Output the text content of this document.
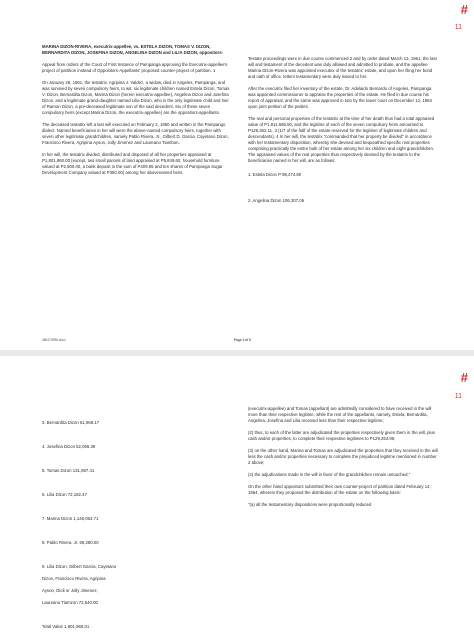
#
11

MARINA DIZON-RIVERA, executrix-appellee, vs. ESTELA DIZON, TOMAS V. DIZON, BERNARDITA DIZON, JOSEFINA DIZON, ANGELINA DIZON and LILIA DIZON, oppositors-

Appeal from orders of the Court of First Instance of Pampanga approving the Executrix-appellee's project of partition instead of Oppositors-Appellants' proposed counter-project of partition. 1

On January 28, 1961, the testatrix, Agripina J. Valdez, a widow, died in Angeles, Pampanga, and was survived by seven compulsory heirs, to wit, six legitimate children named Estela Dizon, Tomas V. Dizon, Bernardita Dizon, Marina Dizon (herein executrix-appellee), Angelina Dizon and Josefina Dizon, and a legitimate grand-daughter named Lilia Dizon, who is the only legitimate child and heir of Ramon Dizon, a pre-deceased legitimate son of the said decedent. Six of these seven compulsory heirs (except Marina Dizon, the executrix-appellee) are the oppositors-appellants.

The deceased testatrix left a last will executed on February 2, 1960 and written in the Pampango dialect. Named beneficiaries in her will were the above-named compulsory heirs, together with seven other legitimate grandchildren, namely Pablo Rivera, Jr., Gilbert D. Garcia, Cayetano Dizon, Francisco Rivera, Agripina Ayson, Jolly Jimenez and Laureano Tiambon.

In her will, the testatrix divided, distributed and disposed of all her properties appraised at P1,801,960.00 (except, two small parcels of land appraised at P5,849.60, household furniture valued at P2,500.00, a bank deposit in the sum of P409.95 and ten shares of Pampanga Sugar Development Company valued at P350.00) among her abovenamed heirs.

Testate proceedings were in due course commenced 2 and by order dated March 13, 1961, the last will and testament of the decedent was duly allowed and admitted to probate, and the appellee Marina Dizon-Rivera was appointed executrix of the testatrix' estate, and upon her filing her bond and oath of office, letters testamentary were duly issued to her.

After the executrix filed her inventory of the estate, Dr. Adelaido Bernardo of Angeles, Pampanga was appointed commissioner to appraise the properties of the estate. He filed in due course his report of appraisal, and the same was approved in toto by the lower court on December 12, 1963 upon joint petition of the parties.

The real and personal properties of the testatrix at the time of her death thus had a total appraised value of P1,811,695.60, and the legitime of each of the seven compulsory heirs amounted to P129,362.11. 3 (1/7 of the half of the estate reserved for the legitime of legitimate children and descendants). 4 In her will, the testatrix "commanded that her property be divided" in accordance with her testamentary disposition, whereby she devised and bequeathed specific real properties comprising practically the entire bulk of her estate among her six children and eight grandchildren. The appraised values of the real properties thus respectively devised by the testatrix to the beneficiaries named in her will, are as follows:

1. Estela Dizon P 98,474.80

2. Angelina Dizon 106,307.06

480470998.docx	Page 1 of 5
#
11

3. Bernardita Dizon 51,968.17

4. Josefina Dizon 52,056.39

5. Tomas Dizon 131,987.41

6. Lilia Dizon 72,182.47

7. Marina Dizon 1,148,063.71

8. Pablo Rivera, Jr. 69,280.00

9. Lilia Dizon, Gilbert Garcia, Cayetano

Dizon, Francisco Rivera, Agripina

Ayson, Dioli or Jolly Jimenez,

Laureano Tiamzon 72,540.00

Total Value 1,801,960.01

(executrix-appellee) and Tomas (appellant) are admittedly considered to have received in the will more than their respective legitime, while the rest of the appellants, namely, Estela, Bernardita, Angelina, Josefina and Lilia received less than their respective legitime;

(2) thus, to each of the latter are adjudicated the properties respectively given them in the will, plus cash and/or properties, to complete their respective legitimes to P129,254.96;

(3) on the other hand, Marina and Tomas are adjudicated the properties that they received in the will less the cash and/or properties necessary to complete the prejudiced legitime mentioned in number 2 above;

(4) the adjudications made in the will in favor of the grandchildren remain untouched."

On the other hand oppositors submitted their own counter-project of partition dated February 14, 1964, wherein they proposed the distribution of the estate on the following basis:

"(a) all the testamentary dispositions were proportionally reduced
